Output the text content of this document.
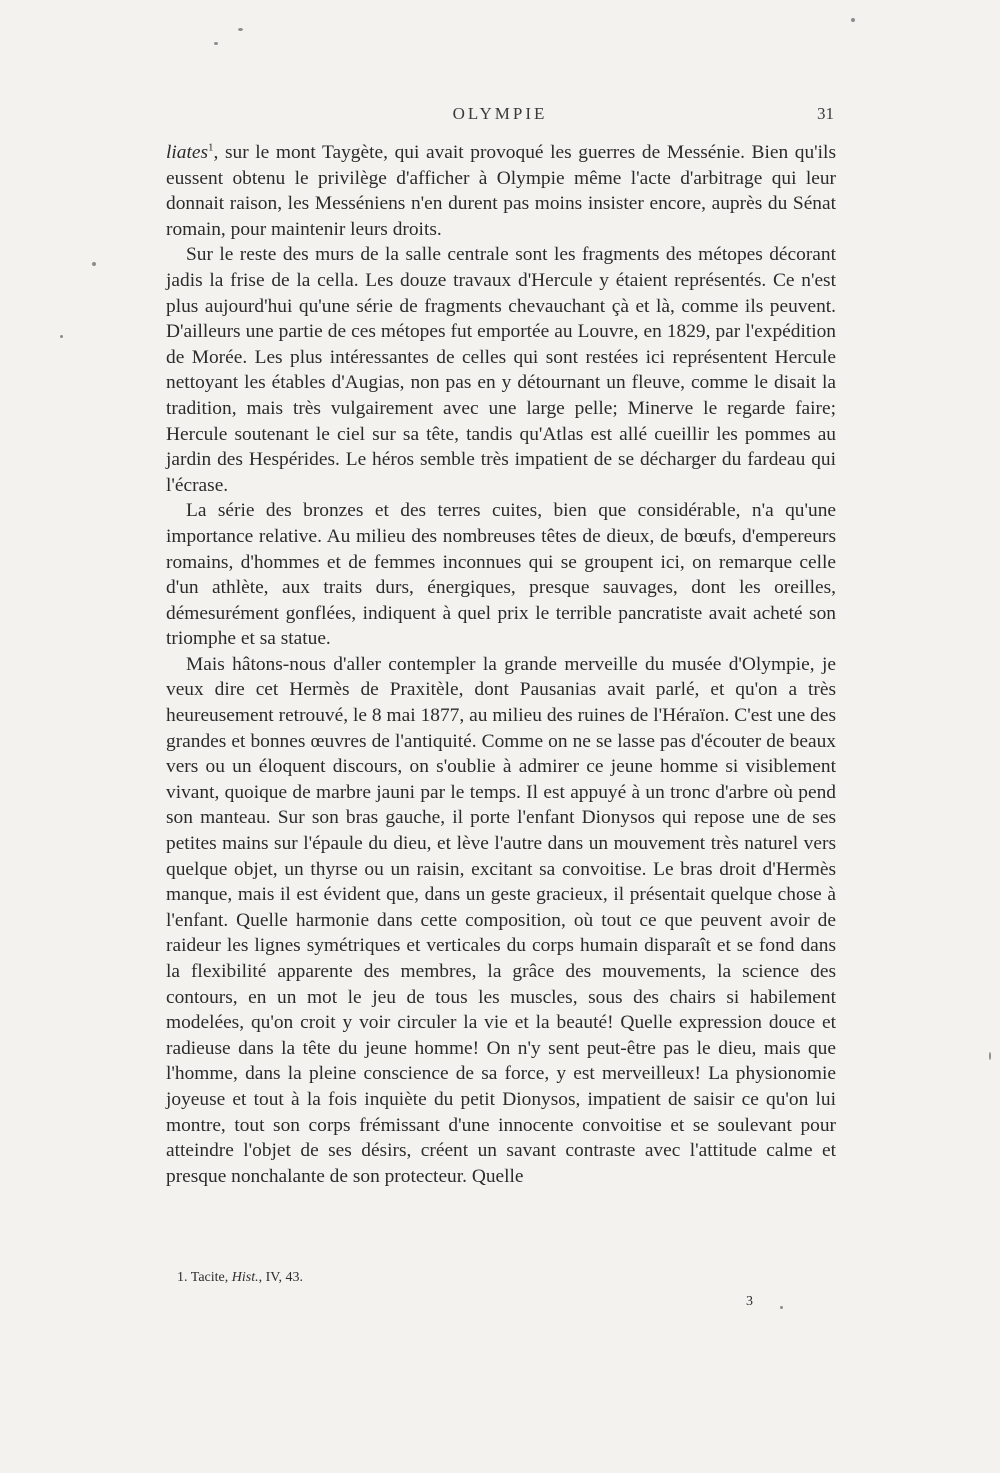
OLYMPIE	31

liates$^1$, sur le mont Taygète, qui avait provoqué les guerres de Messénie. Bien qu'ils eussent obtenu le privilège d'afficher à Olympie même l'acte d'arbitrage qui leur donnait raison, les Messéniens n'en durent pas moins insister encore, auprès du Sénat romain, pour maintenir leurs droits.

Sur le reste des murs de la salle centrale sont les fragments des métopes décorant jadis la frise de la cella. Les douze travaux d'Hercule y étaient représentés. Ce n'est plus aujourd'hui qu'une série de fragments chevauchant çà et là, comme ils peuvent. D'ailleurs une partie de ces métopes fut emportée au Louvre, en 1829, par l'expédition de Morée. Les plus intéressantes de celles qui sont restées ici représentent Hercule nettoyant les étables d'Augias, non pas en y détournant un fleuve, comme le disait la tradition, mais très vulgairement avec une large pelle; Minerve le regarde faire; Hercule soutenant le ciel sur sa tête, tandis qu'Atlas est allé cueillir les pommes au jardin des Hespérides. Le héros semble très impatient de se décharger du fardeau qui l'écrase.

La série des bronzes et des terres cuites, bien que considérable, n'a qu'une importance relative. Au milieu des nombreuses têtes de dieux, de bœufs, d'empereurs romains, d'hommes et de femmes inconnues qui se groupent ici, on remarque celle d'un athlète, aux traits durs, énergiques, presque sauvages, dont les oreilles, démesurément gonflées, indiquent à quel prix le terrible pancratiste avait acheté son triomphe et sa statue.

Mais hâtons-nous d'aller contempler la grande merveille du musée d'Olympie, je veux dire cet Hermès de Praxitèle, dont Pausanias avait parlé, et qu'on a très heureusement retrouvé, le 8 mai 1877, au milieu des ruines de l'Héraïon. C'est une des grandes et bonnes œuvres de l'antiquité. Comme on ne se lasse pas d'écouter de beaux vers ou un éloquent discours, on s'oublie à admirer ce jeune homme si visiblement vivant, quoique de marbre jauni par le temps. Il est appuyé à un tronc d'arbre où pend son manteau. Sur son bras gauche, il porte l'enfant Dionysos qui repose une de ses petites mains sur l'épaule du dieu, et lève l'autre dans un mouvement très naturel vers quelque objet, un thyrse ou un raisin, excitant sa convoitise. Le bras droit d'Hermès manque, mais il est évident que, dans un geste gracieux, il présentait quelque chose à l'enfant. Quelle harmonie dans cette composition, où tout ce que peuvent avoir de raideur les lignes symétriques et verticales du corps humain disparaît et se fond dans la flexibilité apparente des membres, la grâce des mouvements, la science des contours, en un mot le jeu de tous les muscles, sous des chairs si habilement modelées, qu'on croit y voir circuler la vie et la beauté! Quelle expression douce et radieuse dans la tête du jeune homme! On n'y sent peut-être pas le dieu, mais que l'homme, dans la pleine conscience de sa force, y est merveilleux! La physionomie joyeuse et tout à la fois inquiète du petit Dionysos, impatient de saisir ce qu'on lui montre, tout son corps frémissant d'une innocente convoitise et se soulevant pour atteindre l'objet de ses désirs, créent un savant contraste avec l'attitude calme et presque nonchalante de son protecteur. Quelle

1. Tacite, Hist., IV, 43.
3
